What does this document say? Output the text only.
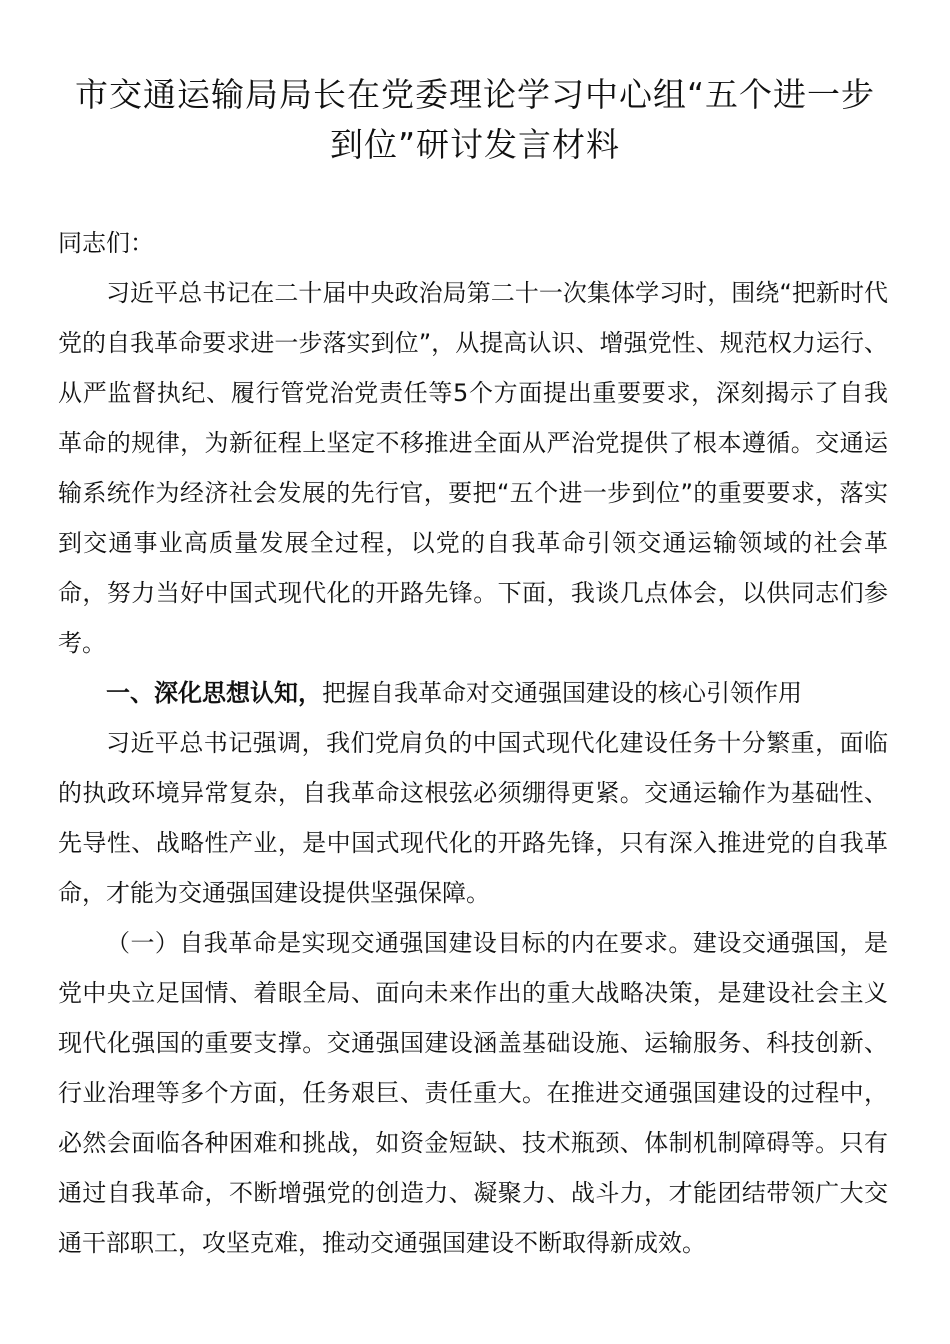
市交通运输局局长在党委理论学习中心组“五个进一步到位”研讨发言材料

同志们：

习近平总书记在二十届中央政治局第二十一次集体学习时，围绕“把新时代党的自我革命要求进一步落实到位”，从提高认识、增强党性、规范权力运行、从严监督执纪、履行管党治党责任等5个方面提出重要要求，深刻揭示了自我革命的规律，为新征程上坚定不移推进全面从严治党提供了根本遵循。交通运输系统作为经济社会发展的先行官，要把“五个进一步到位”的重要要求，落实到交通事业高质量发展全过程，以党的自我革命引领交通运输领域的社会革命，努力当好中国式现代化的开路先锋。下面，我谈几点体会，以供同志们参考。

一、深化思想认知，把握自我革命对交通强国建设的核心引领作用

习近平总书记强调，我们党肩负的中国式现代化建设任务十分繁重，面临的执政环境异常复杂，自我革命这根弦必须绷得更紧。交通运输作为基础性、先导性、战略性产业，是中国式现代化的开路先锋，只有深入推进党的自我革命，才能为交通强国建设提供坚强保障。

（一）自我革命是实现交通强国建设目标的内在要求。建设交通强国，是党中央立足国情、着眼全局、面向未来作出的重大战略决策，是建设社会主义现代化强国的重要支撑。交通强国建设涵盖基础设施、运输服务、科技创新、行业治理等多个方面，任务艰巨、责任重大。在推进交通强国建设的过程中，必然会面临各种困难和挑战，如资金短缺、技术瓶颈、体制机制障碍等。只有通过自我革命，不断增强党的创造力、凝聚力、战斗力，才能团结带领广大交通干部职工，攻坚克难，推动交通强国建设不断取得新成效。
